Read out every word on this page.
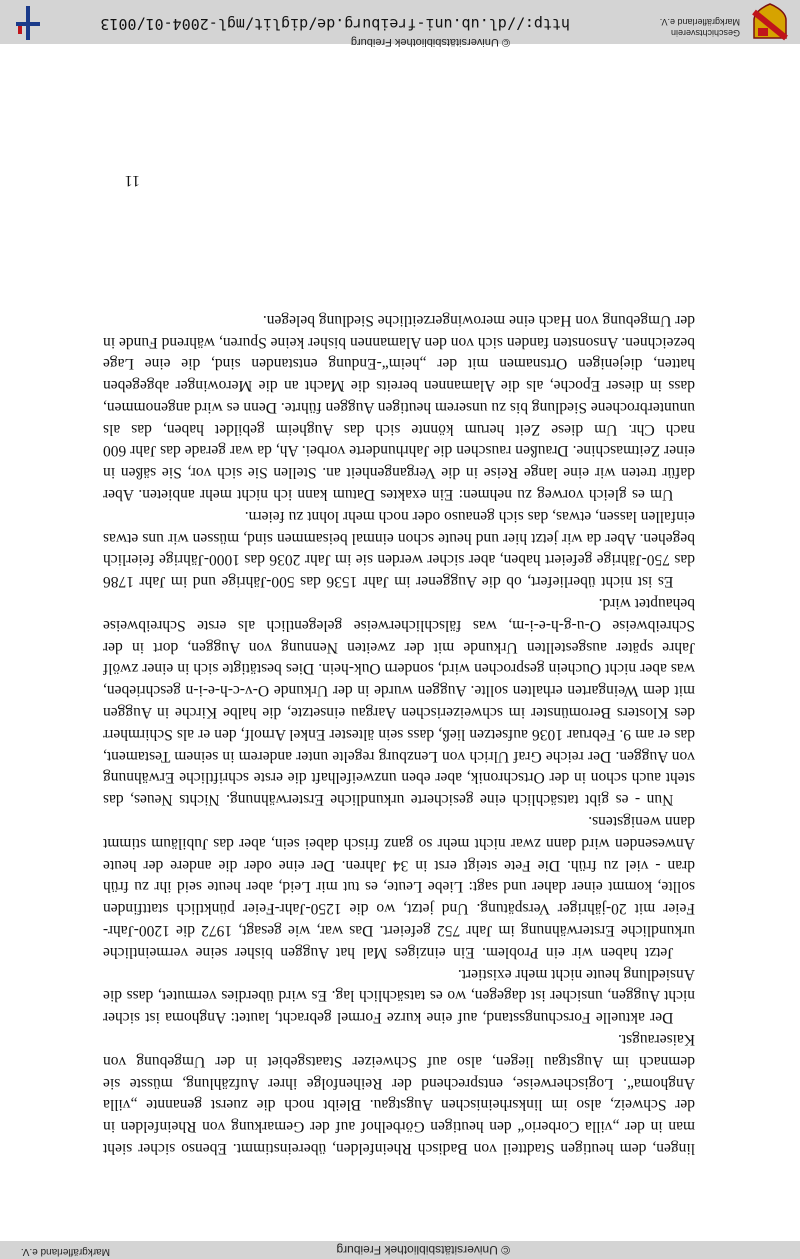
© Universitätsbibliothek Freiburg
Markgräflerland e.V.

lingen, dem heutigen Stadtteil von Badisch Rheinfelden, übereinstimmt. Ebenso sicher sieht man in der „villa Corberio“ den heutigen Görbelhof auf der Gemarkung von Rheinfelden in der Schweiz, also im linksrheinischen Augstgau. Bleibt noch die zuerst genannte „villa Anghoma“. Logischerweise, entsprechend der Reihenfolge ihrer Aufzählung, müsste sie demnach im Augstgau liegen, also auf Schweizer Staatsgebiet in der Umgebung von Kaiseraugst.

Der aktuelle Forschungsstand, auf eine kurze Formel gebracht, lautet: Anghoma ist sicher nicht Auggen, unsicher ist dagegen, wo es tatsächlich lag. Es wird überdies vermutet, dass die Ansiedlung heute nicht mehr existiert.

Jetzt haben wir ein Problem. Ein einziges Mal hat Auggen bisher seine vermeintliche urkundliche Ersterwähnung im Jahr 752 gefeiert. Das war, wie gesagt, 1972 die 1200-Jahr-Feier mit 20-jähriger Verspätung. Und jetzt, wo die 1250-Jahr-Feier pünktlich stattfinden sollte, kommt einer daher und sagt: Liebe Leute, es tut mir Leid, aber heute seid ihr zu früh dran - viel zu früh. Die Fete steigt erst in 34 Jahren. Der eine oder die andere der heute Anwesenden wird dann zwar nicht mehr so ganz frisch dabei sein, aber das Jubiläum stimmt dann wenigstens.

Nun - es gibt tatsächlich eine gesicherte urkundliche Ersterwähnung. Nichts Neues, das steht auch schon in der Ortschronik, aber eben unzweifelhaft die erste schriftliche Erwähnung von Auggen. Der reiche Graf Ulrich von Lenzburg regelte unter anderem in seinem Testament, das er am 9. Februar 1036 aufsetzen ließ, dass sein ältester Enkel Arnolf, den er als Schirmherr des Klosters Beromünster im schweizerischen Aargau einsetzte, die halbe Kirche in Auggen mit dem Weingarten erhalten sollte. Auggen wurde in der Urkunde O-v-c-h-e-i-n geschrieben, was aber nicht Ouchein gesprochen wird, sondern Ouk-hein. Dies bestätigte sich in einer zwölf Jahre später ausgestellten Urkunde mit der zweiten Nennung von Auggen, dort in der Schreibweise O-u-g-h-e-i-m, was fälschlicherweise gelegentlich als erste Schreibweise behauptet wird.

Es ist nicht überliefert, ob die Auggener im Jahr 1536 das 500-Jährige und im Jahr 1786 das 750-Jährige gefeiert haben, aber sicher werden sie im Jahr 2036 das 1000-Jährige feierlich begehen. Aber da wir jetzt hier und heute schon einmal beisammen sind, müssen wir uns etwas einfallen lassen, etwas, das sich genauso oder noch mehr lohnt zu feiern.

Um es gleich vorweg zu nehmen: Ein exaktes Datum kann ich nicht mehr anbieten. Aber dafür treten wir eine lange Reise in die Vergangenheit an. Stellen Sie sich vor, Sie säßen in einer Zeitmaschine. Draußen rauschen die Jahrhunderte vorbei. Ah, da war gerade das Jahr 600 nach Chr. Um diese Zeit herum könnte sich das Augheim gebildet haben, das als ununterbrochene Siedlung bis zu unserem heutigen Auggen führte. Denn es wird angenommen, dass in dieser Epoche, als die Alamannen bereits die Macht an die Merowinger abgegeben hatten, diejenigen Ortsnamen mit der „heim“-Endung entstanden sind, die eine Lage bezeichnen. Ansonsten fanden sich von den Alamannen bisher keine Spuren, während Funde in der Umgebung von Hach eine merowingerzeitliche Siedlung belegen.

11
Geschichtsverein Markgräflerland e.V.
http://dl.ub.uni-freiburg.de/diglit/mgl-2004-01/0013
© Universitätsbibliothek Freiburg
